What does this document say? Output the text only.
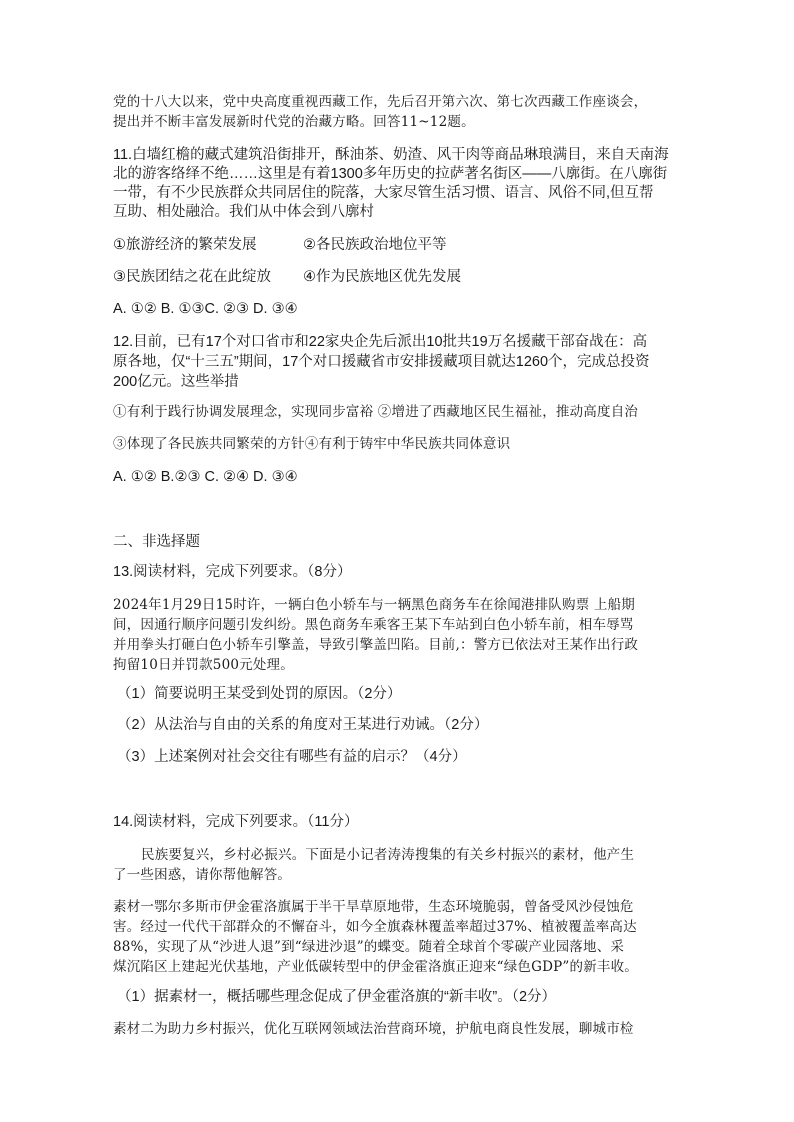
党的十八大以来，党中央高度重视西藏工作，先后召开第六次、第七次西藏工作座谈会，
提出并不断丰富发展新时代党的治藏方略。回答11~12题。
11.白墙红檐的藏式建筑沿街排开，酥油茶、奶渣、风干肉等商品琳琅满目，来自天南海
北的游客络绎不绝……这里是有着1300多年历史的拉萨著名街区——八廓街。在八廓街
一带，有不少民族群众共同居住的院落，大家尽管生活习惯、语言、风俗不同,但互帮
互助、相处融洽。我们从中体会到八廓村
①旅游经济的繁荣发展	②各民族政治地位平等
③民族团结之花在此绽放 ④作为民族地区优先发展
A. ①② B. ①③C. ②③ D. ③④
12.目前，已有17个对口省市和22家央企先后派出10批共19万名援藏干部奋战在：高
原各地，仅“十三五”期间，17个对口援藏省市安排援藏项目就达1260个，完成总投资
200亿元。这些举措
①有利于践行协调发展理念，实现同步富裕 ②增进了西藏地区民生福祉，推动高度自治
③体现了各民族共同繁荣的方针④有利于铸牢中华民族共同体意识
A. ①② B.②③ C. ②④ D. ③④
二、非选择题
13.阅读材料，完成下列要求。（8分）
2024年1月29日15时许，一辆白色小轿车与一辆黑色商务车在徐闻港排队购票 上船期
间，因通行顺序问题引发纠纷。黑色商务车乘客王某下车站到白色小轿车前，相车辱骂
并用拳头打砸白色小轿车引擎盖，导致引擎盖凹陷。目前,：警方已依法对王某作出行政
拘留10日并罚款500元处理。
（1）简要说明王某受到处罚的原因。（2分）
（2）从法治与自由的关系的角度对王某进行劝诫。（2分）
（3）上述案例对社会交往有哪些有益的启示？（4分）
14.阅读材料，完成下列要求。（11分）
民族要复兴，乡村必振兴。下面是小记者涛涛搜集的有关乡村振兴的素材，他产生
了一些困惑，请你帮他解答。
素材一鄂尔多斯市伊金霍洛旗属于半干旱草原地带，生态环境脆弱，曾备受风沙侵蚀危
害。经过一代代干部群众的不懈奋斗，如今全旗森林覆盖率超过37%、植被覆盖率高达
88%，实现了从“沙进人退”到“绿进沙退”的蝶变。随着全球首个零碳产业园落地、采
煤沉陷区上建起光伏基地，产业低碳转型中的伊金霍洛旗正迎来“绿色GDP”的新丰收。
（1）据素材一，概括哪些理念促成了伊金霍洛旗的“新丰收”。（2分）
素材二为助力乡村振兴，优化互联网领域法治营商环境，护航电商良性发展，聊城市检
